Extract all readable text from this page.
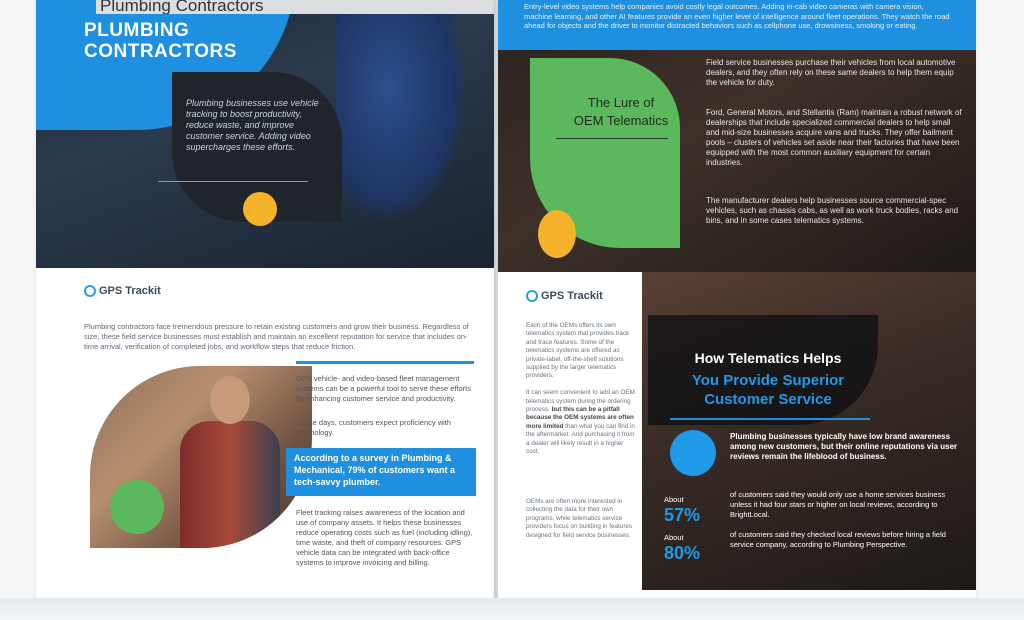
Plumbing Contractors
PLUMBING
CONTRACTORS
Plumbing businesses use vehicle tracking to boost productivity, reduce waste, and improve customer service. Adding video supercharges these efforts.
GPS Trackit
Plumbing contractors face tremendous pressure to retain existing customers and grow their business. Regardless of size, these field service businesses must establish and maintain an excellent reputation for service that includes on-time arrival, verification of completed jobs, and workflow steps that reduce friction.
GPS vehicle- and video-based fleet management systems can be a powerful tool to serve these efforts by enhancing customer service and productivity.
These days, customers expect proficiency with technology.
According to a survey in Plumbing & Mechanical, 79% of customers want a tech-savvy plumber.
Fleet tracking raises awareness of the location and use of company assets. It helps these businesses reduce operating costs such as fuel (including idling), time waste, and theft of company resources. GPS vehicle data can be integrated with back-office systems to improve invoicing and billing.
Entry-level video systems help companies avoid costly legal outcomes. Adding in-cab video cameras with camera vision, machine learning, and other AI features provide an even higher level of intelligence around fleet operations. They watch the road ahead for objects and the driver to monitor distracted behaviors such as cellphone use, drowsiness, smoking or eating.
The Lure of
OEM Telematics
Field service businesses purchase their vehicles from local automotive dealers, and they often rely on these same dealers to help them equip the vehicle for duty.
Ford, General Motors, and Stellantis (Ram) maintain a robust network of dealerships that include specialized commercial dealers to help small and mid-size businesses acquire vans and trucks. They offer bailment pools – clusters of vehicles set aside near their factories that have been equipped with the most common auxiliary equipment for certain industries.
The manufacturer dealers help businesses source commercial-spec vehicles, such as chassis cabs, as well as work truck bodies, racks and bins, and in some cases telematics systems.
GPS Trackit
Each of the OEMs offers its own telematics system that provides track and trace features. Some of the telematics systems are offered as private-label, off-the-shelf solutions supplied by the larger telematics providers.

It can seem convenient to add an OEM telematics system during the ordering process, but this can be a pitfall because the OEM systems are often more limited than what you can find in the aftermarket. And purchasing it from a dealer will likely result in a higher cost.
OEMs are often more interested in collecting the data for their own programs, while telematics service providers focus on building in features designed for field service businesses.
How Telematics Helps
You Provide Superior
Customer Service
Plumbing businesses typically have low brand awareness among new customers, but their online reputations via user reviews remain the lifeblood of business.
About
57%
of customers said they would only use a home services business unless it had four stars or higher on local reviews, according to BrightLocal.
About
80%
of customers said they checked local reviews before hiring a field service company, according to Plumbing Perspective.
